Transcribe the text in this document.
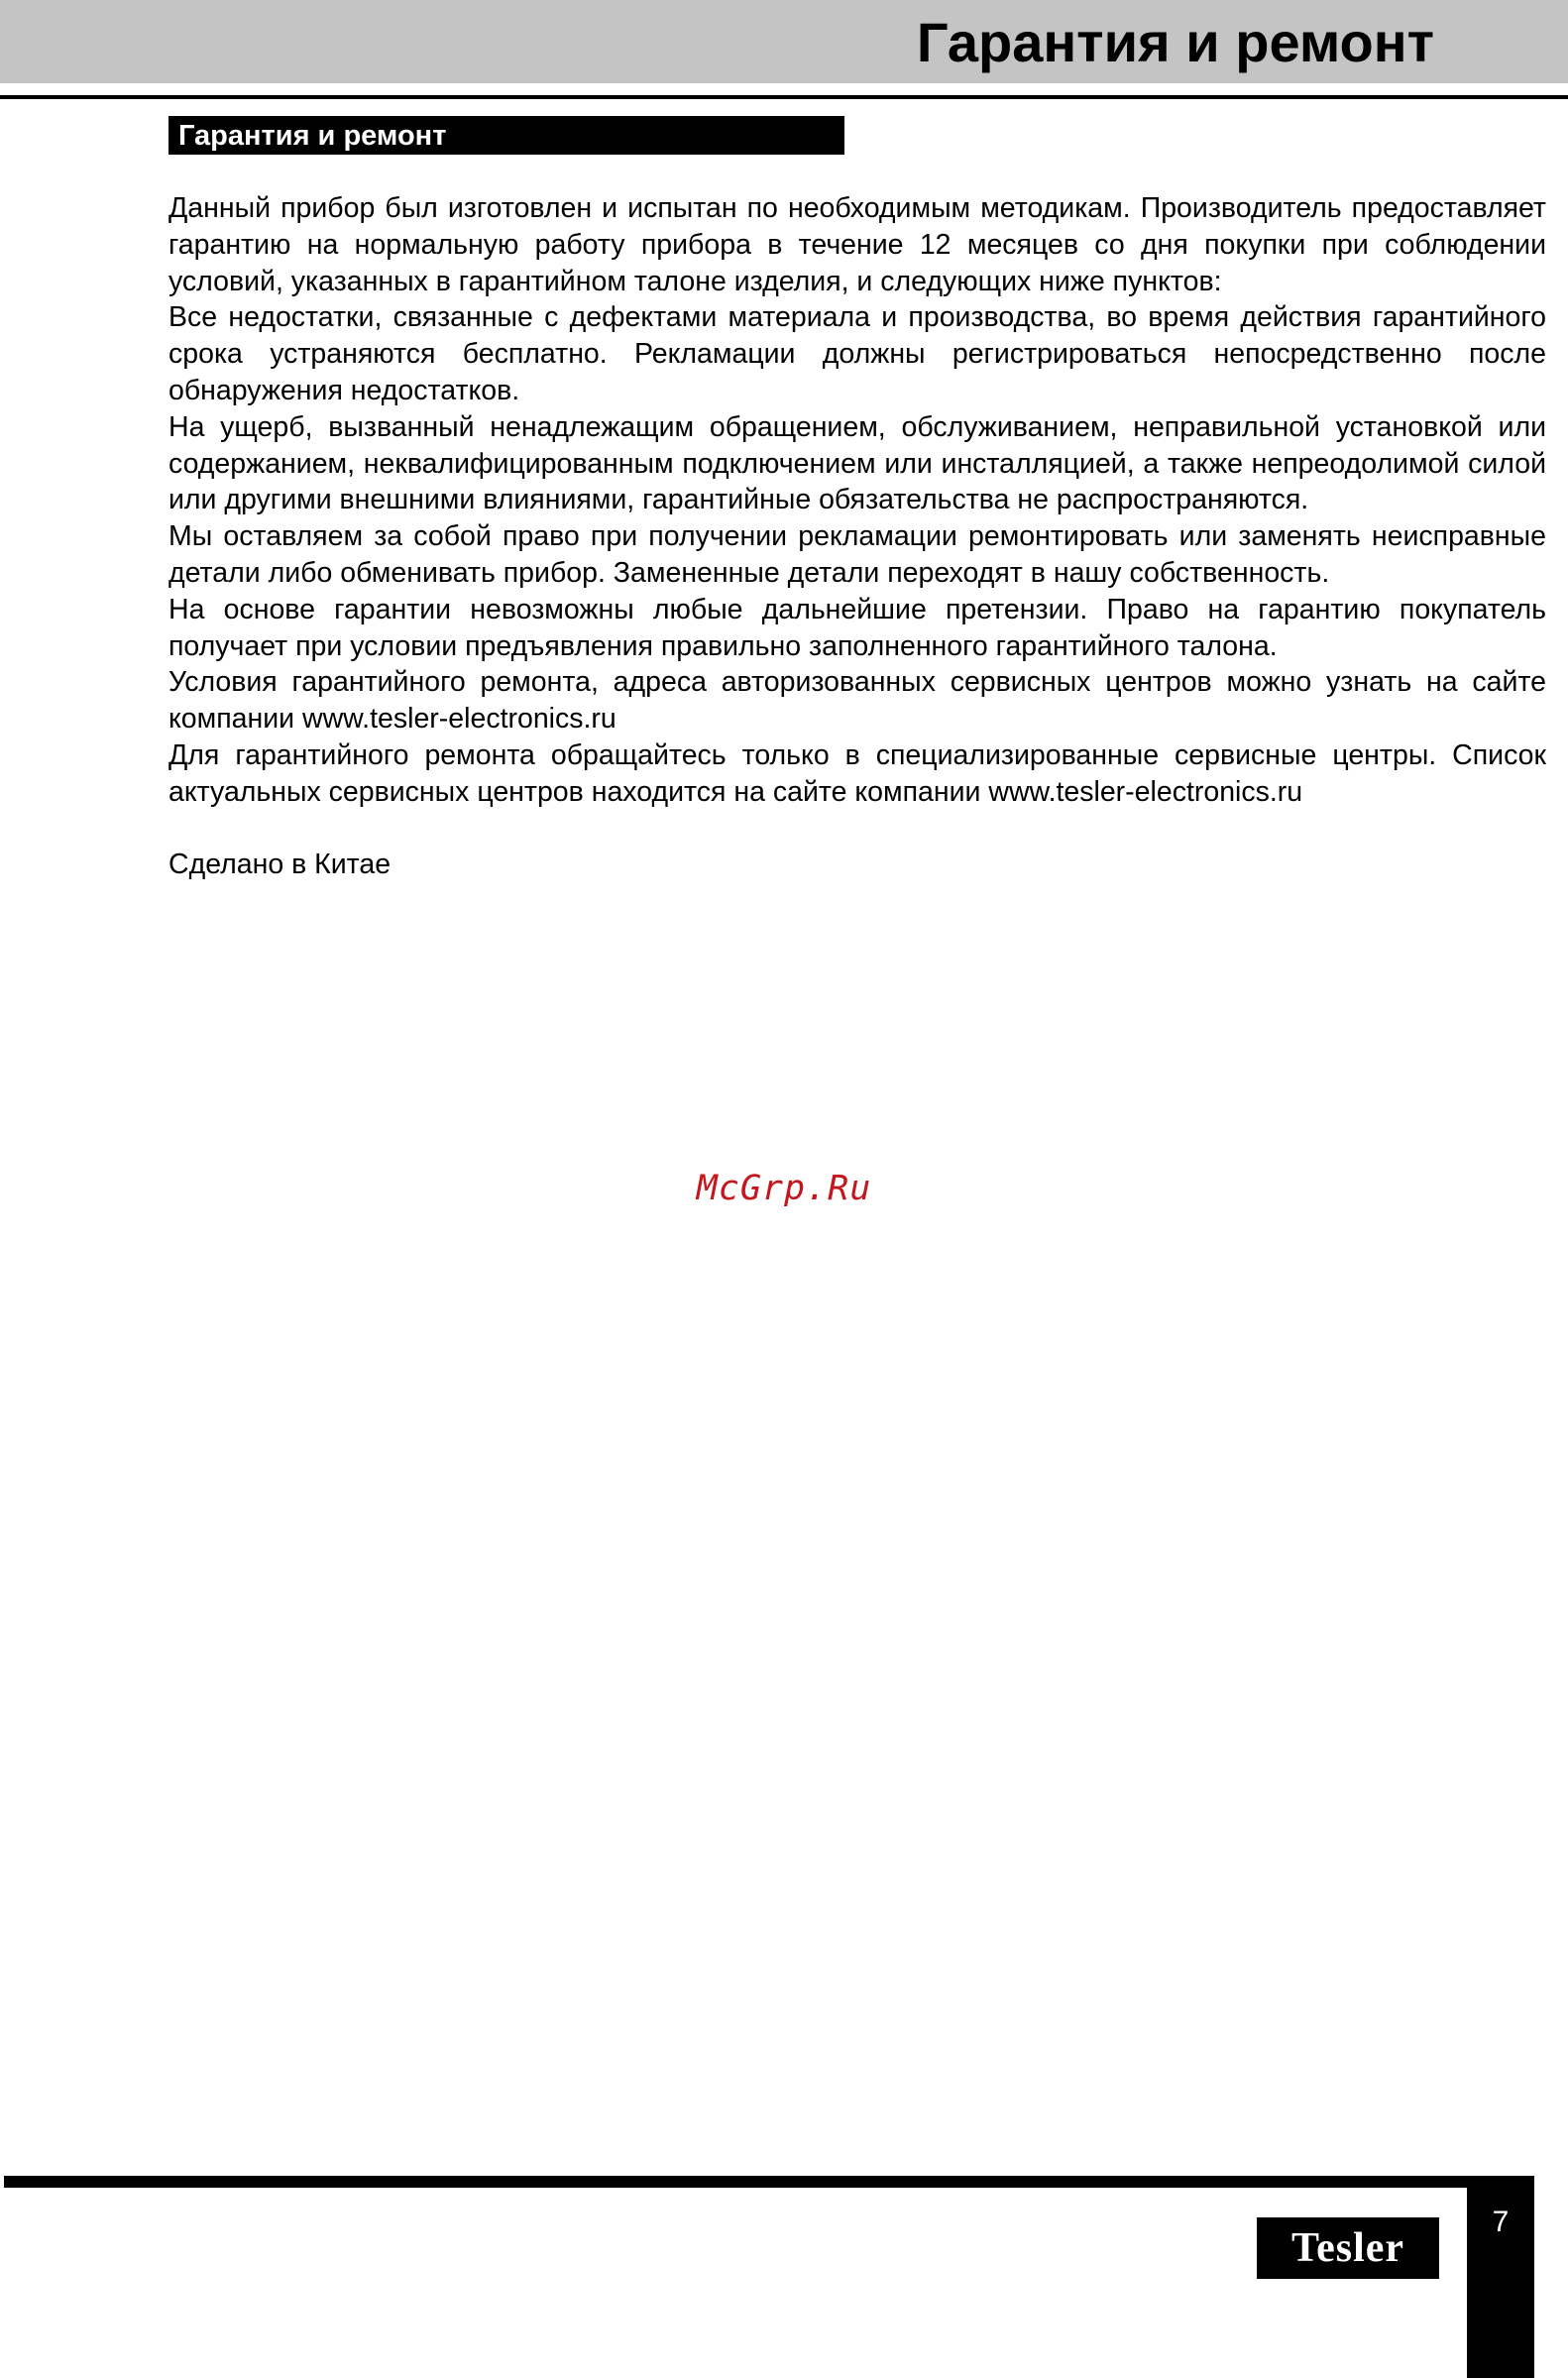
Гарантия и ремонт
Гарантия и ремонт

Данный прибор был изготовлен и испытан по необходимым методикам. Производитель предоставляет гарантию на нормальную работу прибора в течение 12 месяцев со дня покупки при соблюдении условий, указанных в гарантийном талоне изделия, и следующих ниже пунктов:

Все недостатки, связанные с дефектами материала и производства, во время действия гарантийного срока устраняются бесплатно. Рекламации должны регистрироваться непосредственно после обнаружения недостатков.

На ущерб, вызванный ненадлежащим обращением, обслуживанием, неправильной установкой или содержанием, неквалифицированным подключением или инсталляцией, а также непреодолимой силой или другими внешними влияниями, гарантийные обязательства не распространяются.

Мы оставляем за собой право при получении рекламации ремонтировать или заменять неисправные детали либо обменивать прибор. Замененные детали переходят в нашу собственность.

На основе гарантии невозможны любые дальнейшие претензии. Право на гарантию покупатель получает при условии предъявления правильно заполненного гарантийного талона.

Условия гарантийного ремонта, адреса авторизованных сервисных центров можно узнать на сайте компании www.tesler-electronics.ru

Для гарантийного ремонта обращайтесь только в специализированные сервисные центры. Список актуальных сервисных центров находится на сайте компании www.tesler-electronics.ru

Сделано в Китае

McGrp.Ru
7
Tesler
